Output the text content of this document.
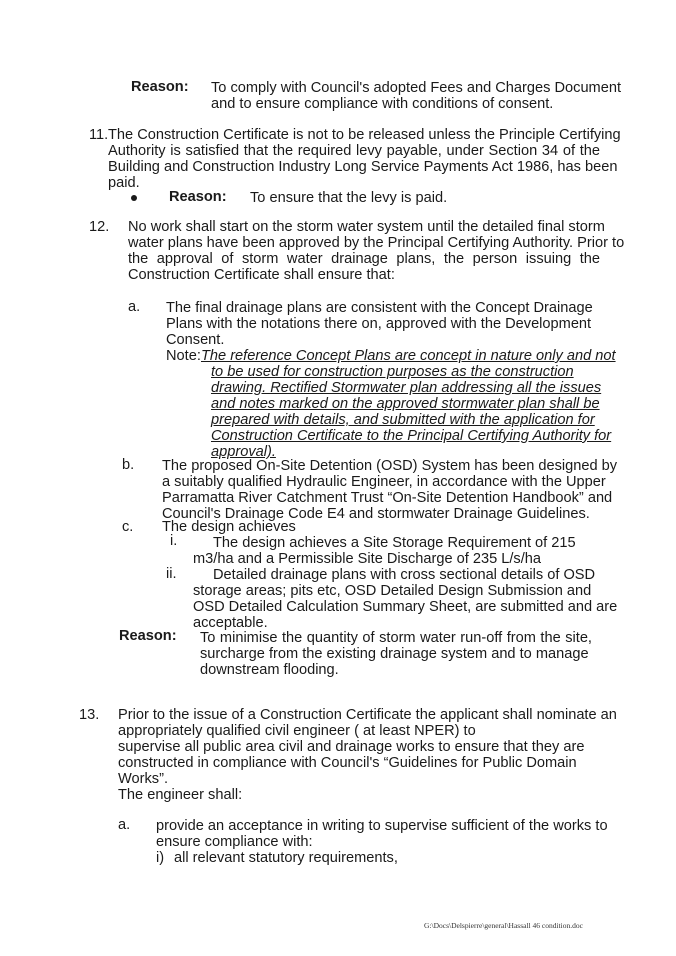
Reason: To comply with Council's adopted Fees and Charges Document
and to ensure compliance with conditions of consent.
11. The Construction Certificate is not to be released unless the Principle Certifying
Authority is satisfied that the required levy payable, under Section 34 of the
Building and Construction Industry Long Service Payments Act 1986, has been
paid.
Reason: To ensure that the levy is paid.
12. No work shall start on the storm water system until the detailed final storm
water plans have been approved by the Principal Certifying Authority. Prior to
the approval of storm water drainage plans, the person issuing the
Construction Certificate shall ensure that:
a. The final drainage plans are consistent with the Concept Drainage
Plans with the notations there on, approved with the Development
Consent.
Note: The reference Concept Plans are concept in nature only and not
to be used for construction purposes as the construction
drawing. Rectified Stormwater plan addressing all the issues
and notes marked on the approved stormwater plan shall be
prepared with details, and submitted with the application for
Construction Certificate to the Principal Certifying Authority for
approval).
b. The proposed On-Site Detention (OSD) System has been designed by
a suitably qualified Hydraulic Engineer, in accordance with the Upper
Parramatta River Catchment Trust “On-Site Detention Handbook” and
Council's Drainage Code E4 and stormwater Drainage Guidelines.
c. The design achieves
i. The design achieves a Site Storage Requirement of 215
m3/ha and a Permissible Site Discharge of 235 L/s/ha
ii. Detailed drainage plans with cross sectional details of OSD
storage areas; pits etc, OSD Detailed Design Submission and
OSD Detailed Calculation Summary Sheet, are submitted and are
acceptable.
Reason: To minimise the quantity of storm water run-off from the site,
surcharge from the existing drainage system and to manage
downstream flooding.
13. Prior to the issue of a Construction Certificate the applicant shall nominate an
appropriately qualified civil engineer ( at least NPER) to
supervise all public area civil and drainage works to ensure that they are
constructed in compliance with Council's “Guidelines for Public Domain
Works”.
The engineer shall:
a. provide an acceptance in writing to supervise sufficient of the works to
ensure compliance with:
i) all relevant statutory requirements,
G:\Docs\Delspierre\general\Hassall 46 condition.doc
